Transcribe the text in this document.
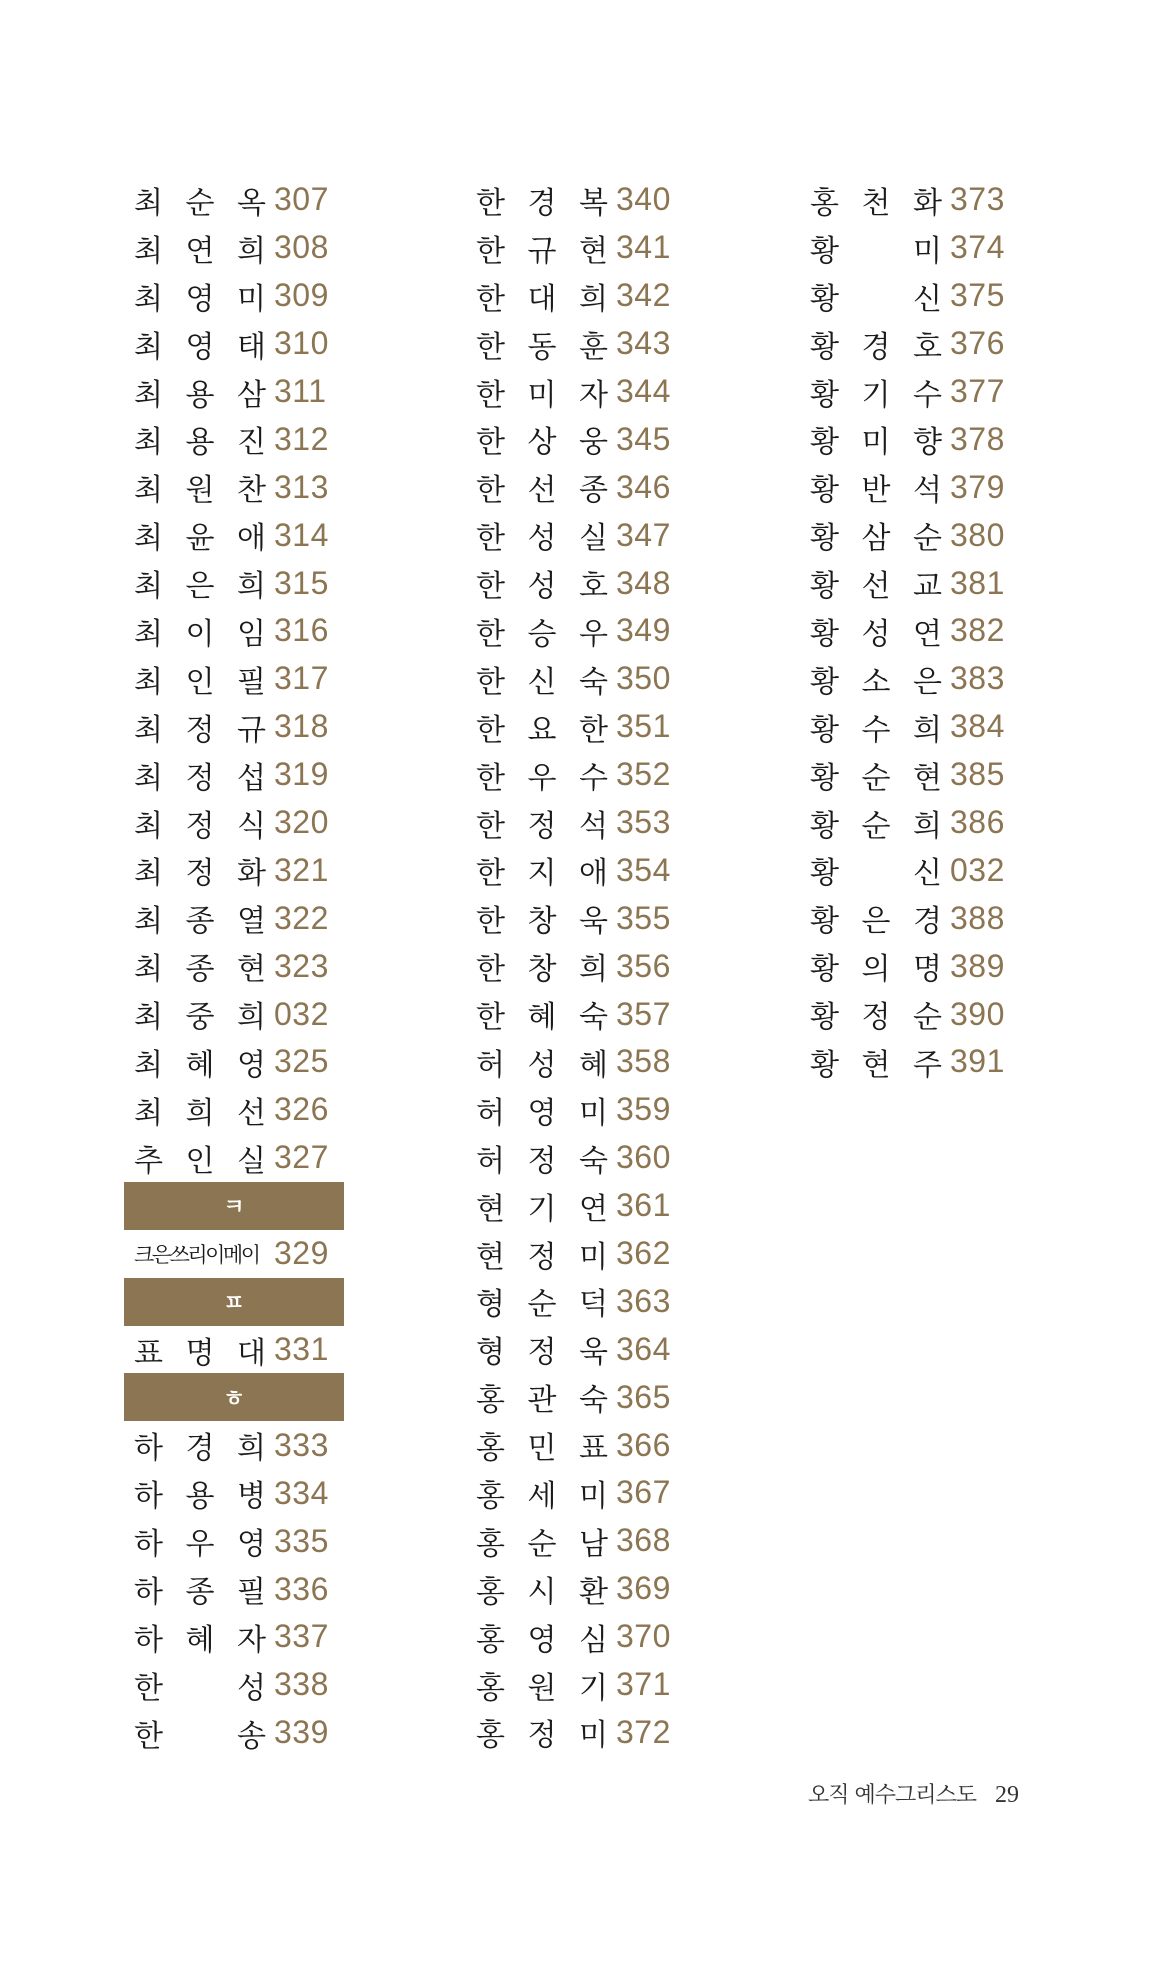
최 순 옥 307
최 연 희 308
최 영 미 309
최 영 태 310
최 용 삼 311
최 용 진 312
최 원 찬 313
최 윤 애 314
최 은 희 315
최 이 임 316
최 인 필 317
최 정 규 318
최 정 섭 319
최 정 식 320
최 정 화 321
최 종 열 322
최 종 현 323
최 중 희 032
최 혜 영 325
최 희 선 326
추 인 실 327
ㅋ
크은쓰리이메이 329
ㅍ
표 명 대 331
ㅎ
하 경 희 333
하 용 병 334
하 우 영 335
하 종 필 336
하 혜 자 337
한 성 338
한 송 339
한 경 복 340
한 규 현 341
한 대 희 342
한 동 훈 343
한 미 자 344
한 상 웅 345
한 선 종 346
한 성 실 347
한 성 호 348
한 승 우 349
한 신 숙 350
한 요 한 351
한 우 수 352
한 정 석 353
한 지 애 354
한 창 욱 355
한 창 희 356
한 혜 숙 357
허 성 혜 358
허 영 미 359
허 정 숙 360
현 기 연 361
현 정 미 362
형 순 덕 363
형 정 욱 364
홍 관 숙 365
홍 민 표 366
홍 세 미 367
홍 순 남 368
홍 시 환 369
홍 영 심 370
홍 원 기 371
홍 정 미 372
홍 천 화 373
황 미 374
황 신 375
황 경 호 376
황 기 수 377
황 미 향 378
황 반 석 379
황 삼 순 380
황 선 교 381
황 성 연 382
황 소 은 383
황 수 희 384
황 순 현 385
황 순 희 386
황 신 032
황 은 경 388
황 의 명 389
황 정 순 390
황 현 주 391
오직 예수그리스도 29
